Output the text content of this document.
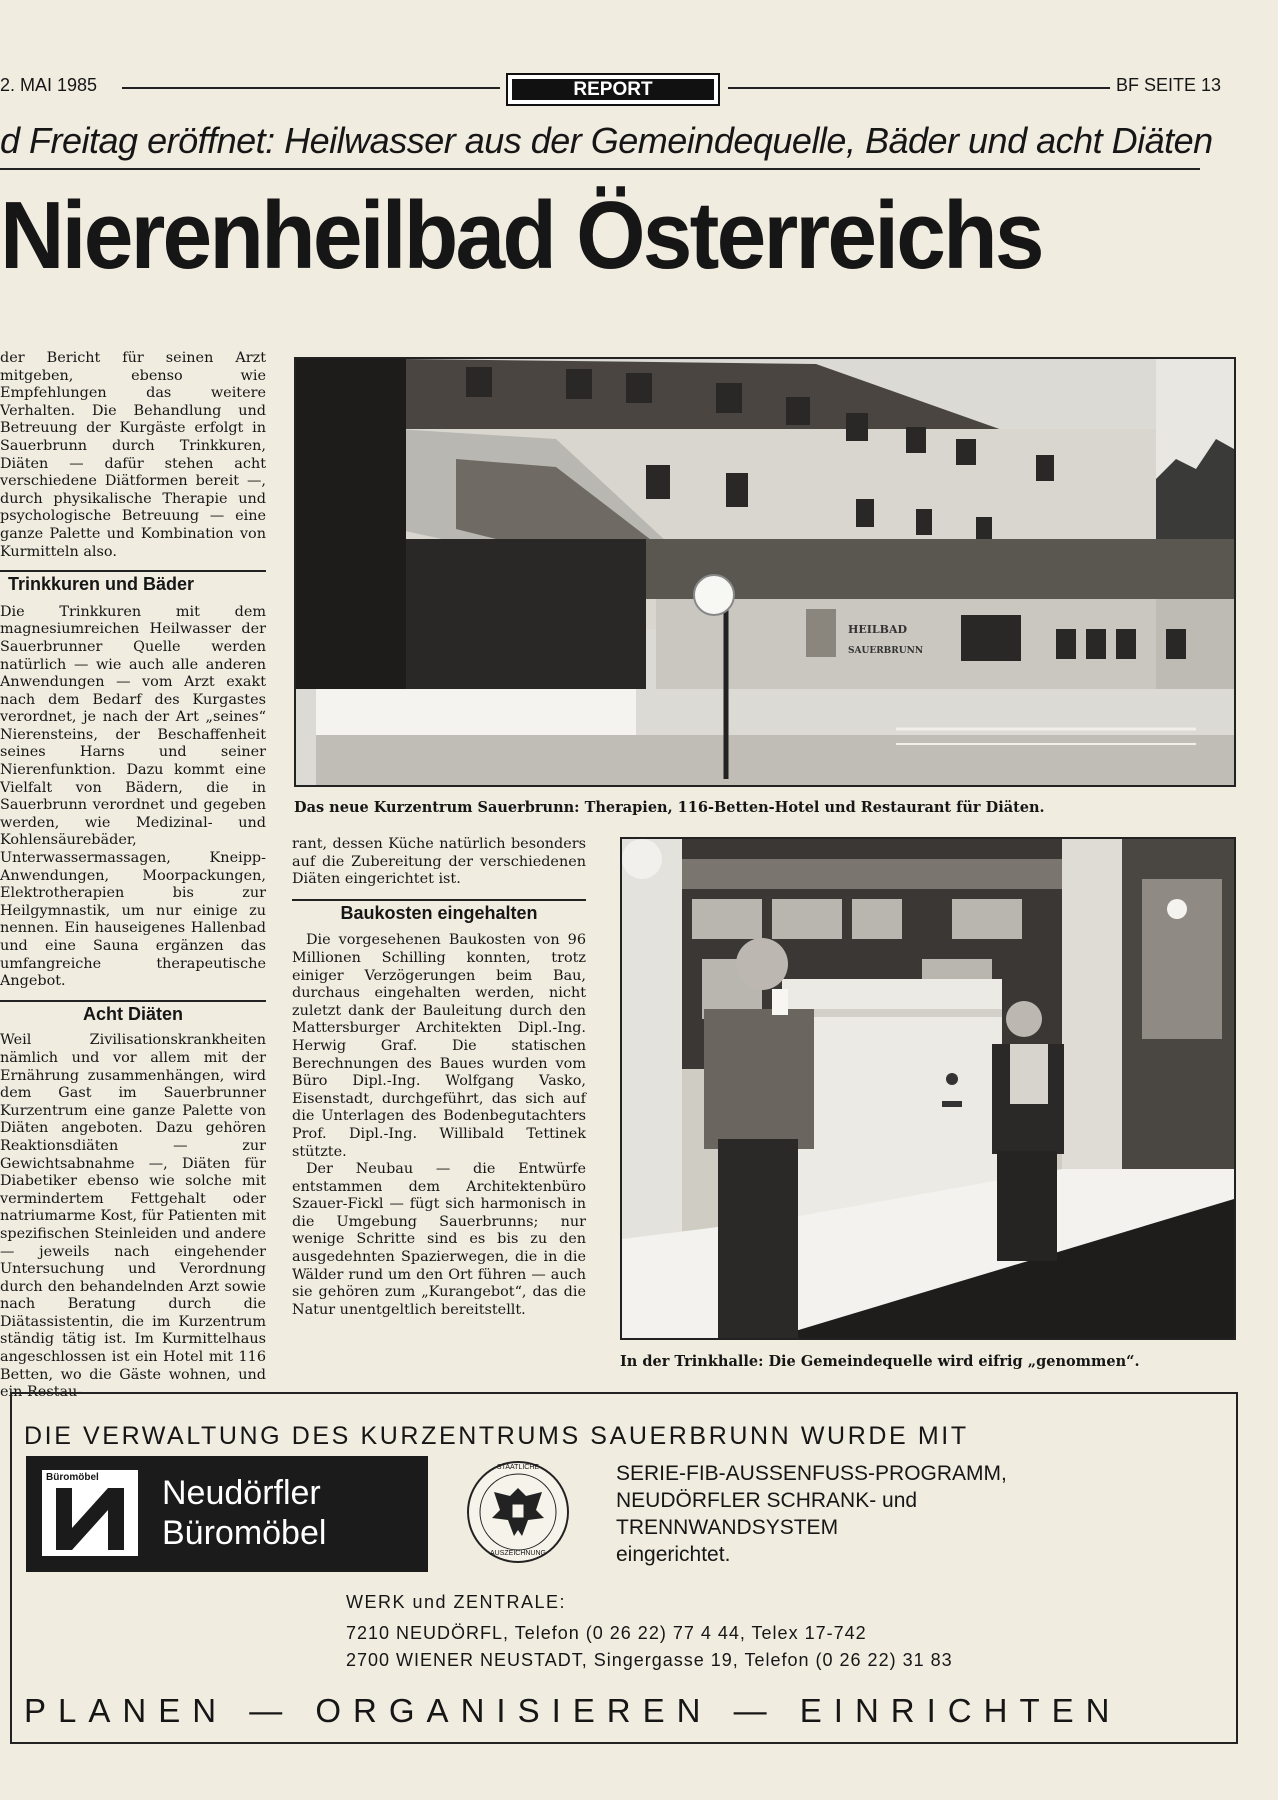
2. MAI 1985	REPORT	BF SEITE 13
d Freitag eröffnet: Heilwasser aus der Gemeindequelle, Bäder und acht Diäten
Nierenheilbad Österreichs

der Bericht für seinen Arzt mitgeben, ebenso wie Empfehlungen das weitere Verhalten. Die Behandlung und Betreuung der Kurgäste erfolgt in Sauerbrunn durch Trinkkuren, Diäten — dafür stehen acht verschiedene Diätformen bereit —, durch physikalische Therapie und psychologische Betreuung — eine ganze Palette und Kombination von Kurmitteln also.

Trinkkuren und Bäder

Die Trinkkuren mit dem magnesiumreichen Heilwasser der Sauerbrunner Quelle werden natürlich — wie auch alle anderen Anwendungen — vom Arzt exakt nach dem Bedarf des Kurgastes verordnet, je nach der Art „seines“ Nierensteins, der Beschaffenheit seines Harns und seiner Nierenfunktion. Dazu kommt eine Vielfalt von Bädern, die in Sauerbrunn verordnet und gegeben werden, wie Medizinal- und Kohlensäurebäder, Unterwassermassagen, Kneipp-Anwendungen, Moorpackungen, Elektrotherapien bis zur Heilgymnastik, um nur einige zu nennen. Ein hauseigenes Hallenbad und eine Sauna ergänzen das umfangreiche therapeutische Angebot.

Acht Diäten

Weil Zivilisationskrankheiten nämlich und vor allem mit der Ernährung zusammenhängen, wird dem Gast im Sauerbrunner Kurzentrum eine ganze Palette von Diäten angeboten. Dazu gehören Reaktionsdiäten — zur Gewichtsabnahme —, Diäten für Diabetiker ebenso wie solche mit vermindertem Fettgehalt oder natriumarme Kost, für Patienten mit spezifischen Steinleiden und andere — jeweils nach eingehender Untersuchung und Verordnung durch den behandelnden Arzt sowie nach Beratung durch die Diätassistentin, die im Kurzentrum ständig tätig ist. Im Kurmittelhaus angeschlossen ist ein Hotel mit 116 Betten, wo die Gäste wohnen, und ein Restau-

rant, dessen Küche natürlich besonders auf die Zubereitung der verschiedenen Diäten eingerichtet ist.

Baukosten eingehalten

Die vorgesehenen Baukosten von 96 Millionen Schilling konnten, trotz einiger Verzögerungen beim Bau, durchaus eingehalten werden, nicht zuletzt dank der Bauleitung durch den Mattersburger Architekten Dipl.-Ing. Herwig Graf. Die statischen Berechnungen des Baues wurden vom Büro Dipl.-Ing. Wolfgang Vasko, Eisenstadt, durchgeführt, das sich auf die Unterlagen des Bodenbegutachters Prof. Dipl.-Ing. Willibald Tettinek stützte.

Der Neubau — die Entwürfe entstammen dem Architektenbüro Szauer-Fickl — fügt sich harmonisch in die Umgebung Sauerbrunns; nur wenige Schritte sind es bis zu den ausgedehnten Spazierwegen, die in die Wälder rund um den Ort führen — auch sie gehören zum „Kurangebot“, das die Natur unentgeltlich bereitstellt.

HEILBAD
SAUERBRUNN
Das neue Kurzentrum Sauerbrunn: Therapien, 116-Betten-Hotel und Restaurant für Diäten.
In der Trinkhalle: Die Gemeindequelle wird eifrig „genommen“.
DIE VERWALTUNG DES KURZENTRUMS SAUERBRUNN WURDE MIT
Büromöbel Neudörfler
Büromöbel
STAATLICHE
AUSZEICHNUNG
SERIE-FIB-AUSSENFUSS-PROGRAMM,
NEUDÖRFLER SCHRANK- und
TRENNWANDSYSTEM
eingerichtet.
WERK und ZENTRALE:
7210 NEUDÖRFL, Telefon (0 26 22) 77 4 44, Telex 17-742
2700 WIENER NEUSTADT, Singergasse 19, Telefon (0 26 22) 31 83
PLANEN — ORGANISIEREN — EINRICHTEN
